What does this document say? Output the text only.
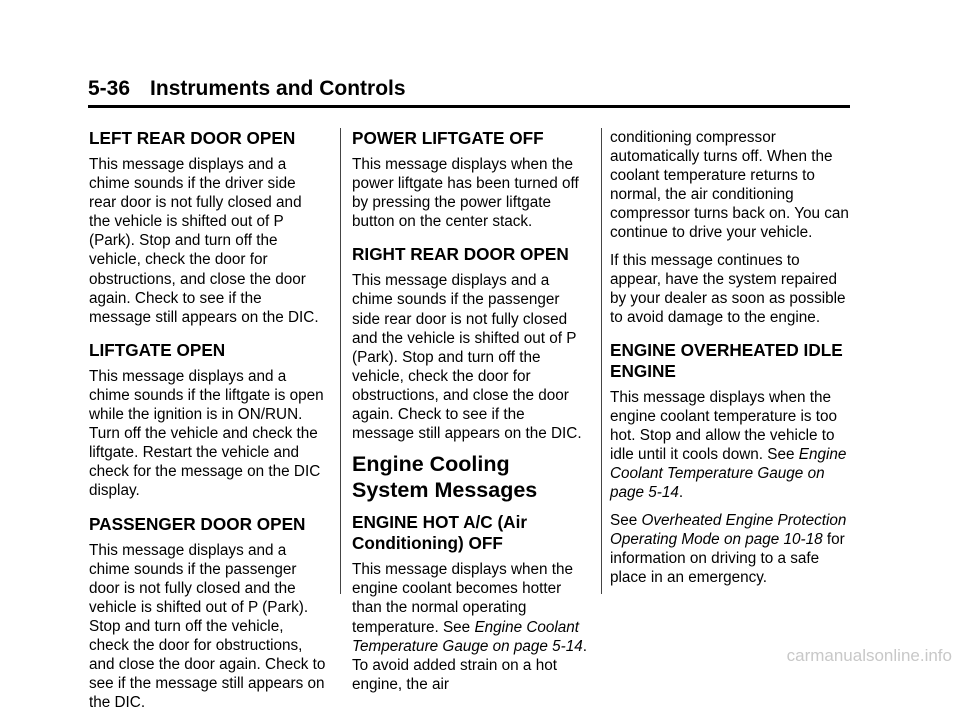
5-36 Instruments and Controls
LEFT REAR DOOR OPEN

This message displays and a chime sounds if the driver side rear door is not fully closed and the vehicle is shifted out of P (Park). Stop and turn off the vehicle, check the door for obstructions, and close the door again. Check to see if the message still appears on the DIC.

LIFTGATE OPEN

This message displays and a chime sounds if the liftgate is open while the ignition is in ON/RUN. Turn off the vehicle and check the liftgate. Restart the vehicle and check for the message on the DIC display.

PASSENGER DOOR OPEN

This message displays and a chime sounds if the passenger door is not fully closed and the vehicle is shifted out of P (Park). Stop and turn off the vehicle, check the door for obstructions, and close the door again. Check to see if the message still appears on the DIC.

POWER LIFTGATE OFF

This message displays when the power liftgate has been turned off by pressing the power liftgate button on the center stack.

RIGHT REAR DOOR OPEN

This message displays and a chime sounds if the passenger side rear door is not fully closed and the vehicle is shifted out of P (Park). Stop and turn off the vehicle, check the door for obstructions, and close the door again. Check to see if the message still appears on the DIC.

Engine Cooling System Messages
ENGINE HOT A/C (Air Conditioning) OFF

This message displays when the engine coolant becomes hotter than the normal operating temperature. See Engine Coolant Temperature Gauge on page 5-14. To avoid added strain on a hot engine, the air

conditioning compressor automatically turns off. When the coolant temperature returns to normal, the air conditioning compressor turns back on. You can continue to drive your vehicle.

If this message continues to appear, have the system repaired by your dealer as soon as possible to avoid damage to the engine.

ENGINE OVERHEATED IDLE ENGINE

This message displays when the engine coolant temperature is too hot. Stop and allow the vehicle to idle until it cools down. See Engine Coolant Temperature Gauge on page 5-14.

See Overheated Engine Protection Operating Mode on page 10-18 for information on driving to a safe place in an emergency.

carmanualsonline.info
